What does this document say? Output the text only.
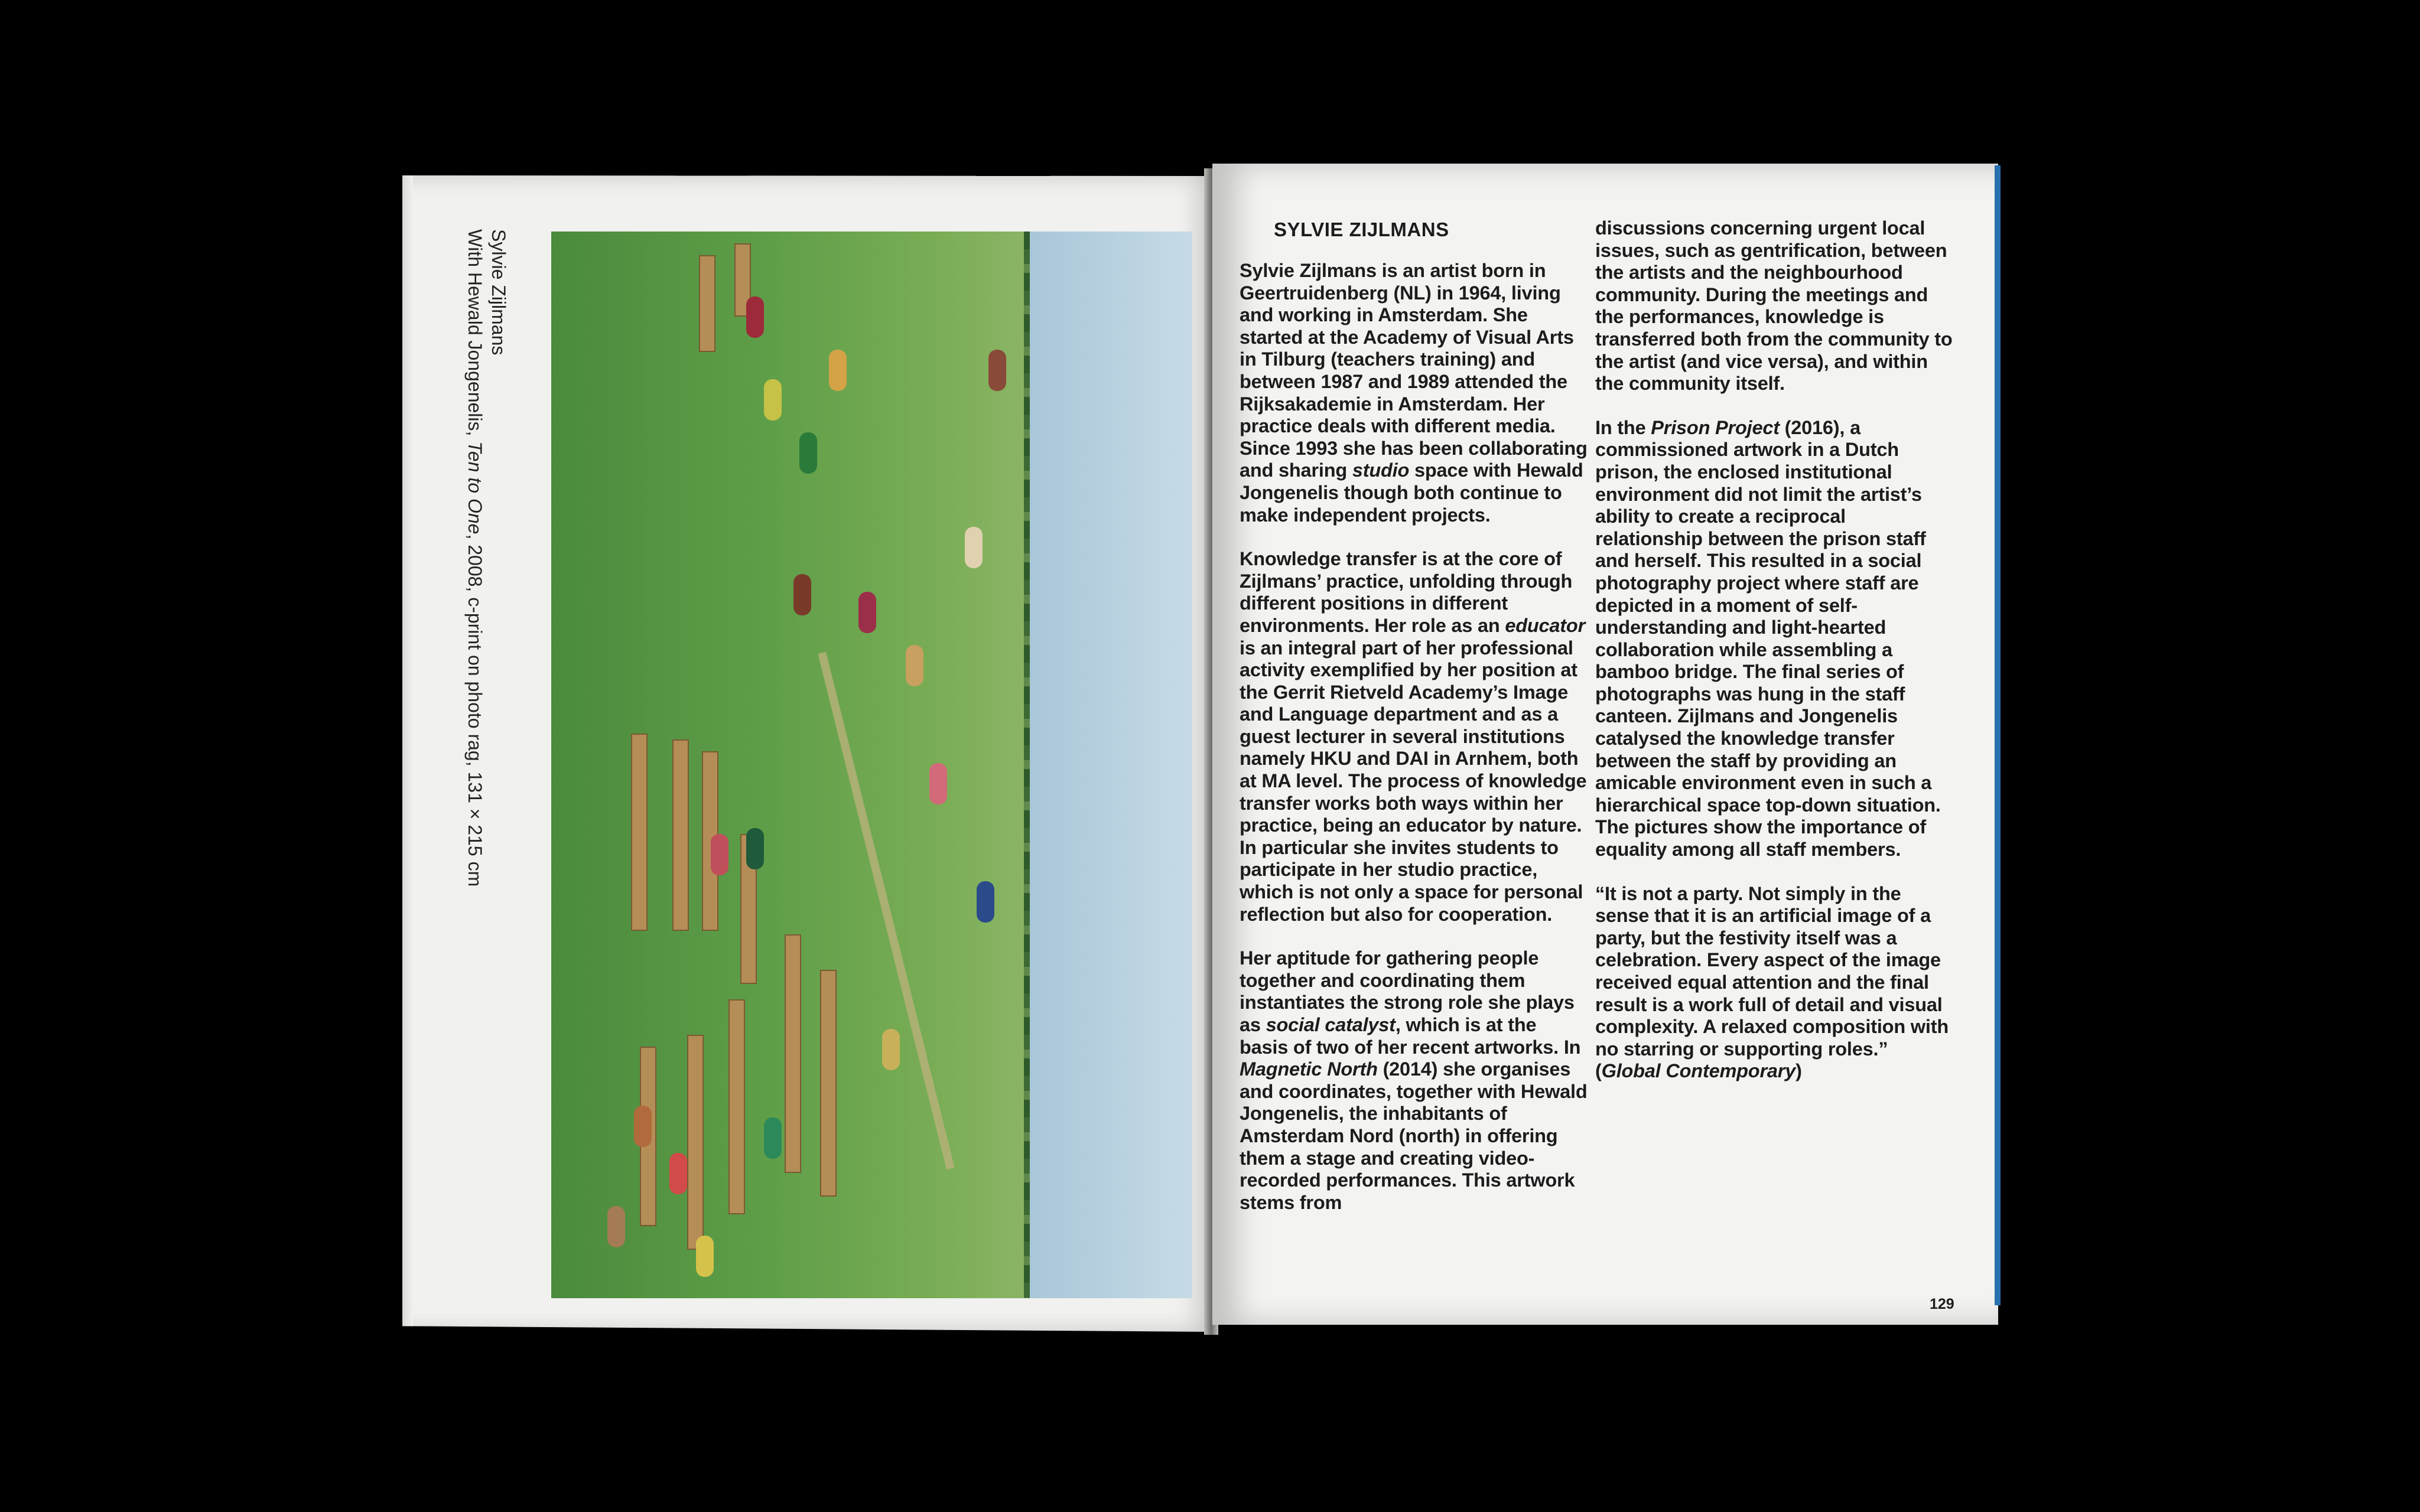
Sylvie Zijlmans

With Hewald Jongenelis, Ten to One, 2008, c-print on photo rag, 131 × 215 cm
SYLVIE ZIJLMANS

Sylvie Zijlmans is an artist born in Geertruidenberg (NL) in 1964, living and working in Amsterdam. She started at the Academy of Visual Arts in Tilburg (teachers training) and between 1987 and 1989 attended the Rijksakademie in Amsterdam. Her practice deals with different media. Since 1993 she has been collaborating and sharing studio space with Hewald Jongenelis though both continue to make independent projects.

Knowledge transfer is at the core of Zijlmans’ practice, unfolding through different positions in different environments. Her role as an educator is an integral part of her professional activity exemplified by her position at the Gerrit Rietveld Academy’s Image and Language department and as a guest lecturer in several institutions namely HKU and DAI in Arnhem, both at MA level. The process of knowledge transfer works both ways within her practice, being an educator by nature. In particular she invites students to participate in her studio practice, which is not only a space for personal reflection but also for cooperation.

Her aptitude for gathering people together and coordinating them instantiates the strong role she plays as social catalyst, which is at the basis of two of her recent artworks. In Magnetic North (2014) she organises and coordinates, together with Hewald Jongenelis, the inhabitants of Amsterdam Nord (north) in offering them a stage and creating video-recorded performances. This artwork stems from

discussions concerning urgent local issues, such as gentrification, between the artists and the neighbourhood community. During the meetings and the performances, knowledge is transferred both from the community to the artist (and vice versa), and within the community itself.

In the Prison Project (2016), a commissioned artwork in a Dutch prison, the enclosed institutional environment did not limit the artist’s ability to create a reciprocal relationship between the prison staff and herself. This resulted in a social photography project where staff are depicted in a moment of self-understanding and light-hearted collaboration while assembling a bamboo bridge. The final series of photographs was hung in the staff canteen. Zijlmans and Jongenelis catalysed the knowledge transfer between the staff by providing an amicable environment even in such a hierarchical space top-down situation. The pictures show the importance of equality among all staff members.

“It is not a party. Not simply in the sense that it is an artificial image of a party, but the festivity itself was a celebration. Every aspect of the image received equal attention and the final result is a work full of detail and visual complexity. A relaxed composition with no starring or supporting roles.”
(Global Contemporary)

129
